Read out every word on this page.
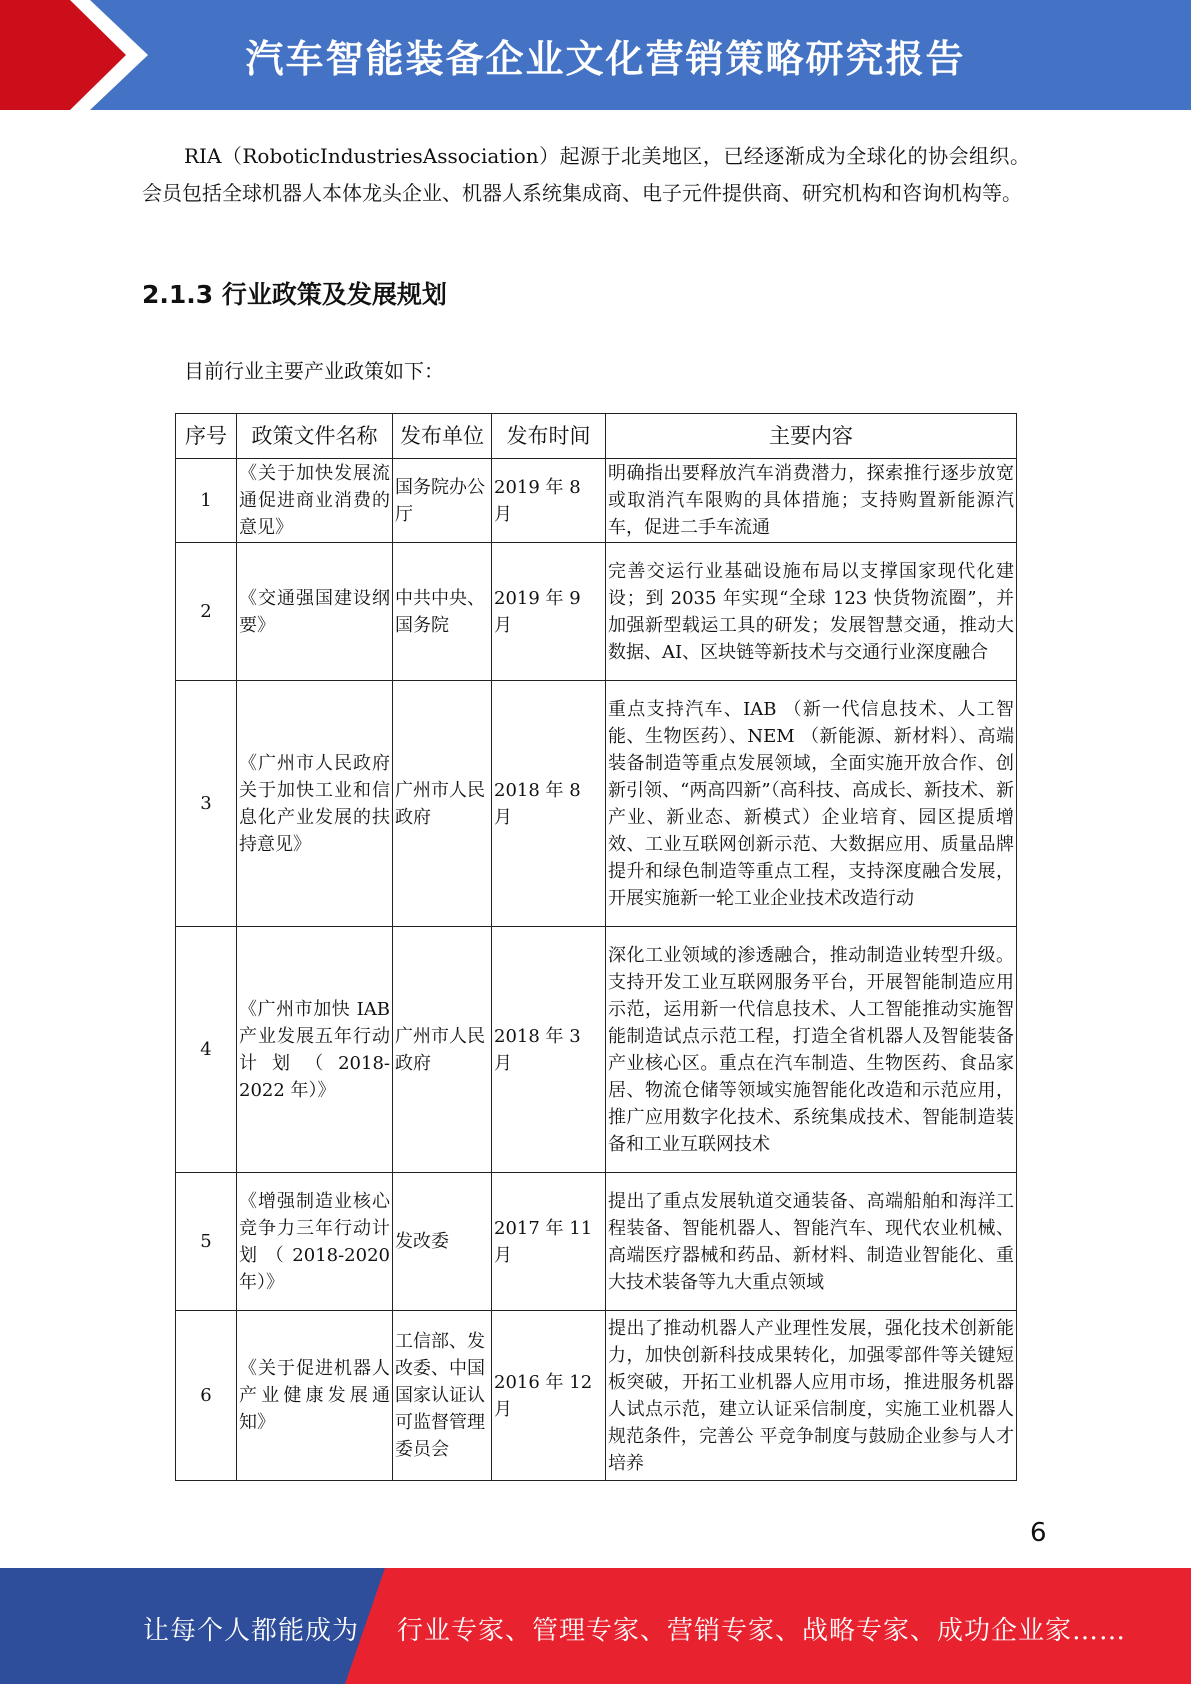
汽车智能装备企业文化营销策略研究报告
RIA（RoboticIndustriesAssociation）起源于北美地区，已经逐渐成为全球化的协会组织。会员包括全球机器人本体龙头企业、机器人系统集成商、电子元件提供商、研究机构和咨询机构等。
2.1.3 行业政策及发展规划
目前行业主要产业政策如下：
序号	政策文件名称	发布单位	发布时间	主要内容
1	《关于加快发展流通促进商业消费的意见》	国务院办公厅	2019 年 8 月	明确指出要释放汽车消费潜力，探索推行逐步放宽或取消汽车限购的具体措施；支持购置新能源汽车，促进二手车流通
2	《交通强国建设纲要》	中共中央、国务院	2019 年 9 月	完善交运行业基础设施布局以支撑国家现代化建设；到 2035 年实现“全球 123 快货物流圈”，并加强新型载运工具的研发；发展智慧交通，推动大数据、AI、区块链等新技术与交通行业深度融合
3	《广州市人民政府关于加快工业和信息化产业发展的扶持意见》	广州市人民政府	2018 年 8 月	重点支持汽车、IAB （新一代信息技术、人工智能、生物医药）、NEM （新能源、新材料）、高端装备制造等重点发展领域，全面实施开放合作、创新引领、“两高四新”（高科技、高成长、新技术、新产业、新业态、新模式）企业培育、园区提质增效、工业互联网创新示范、大数据应用、质量品牌提升和绿色制造等重点工程，支持深度融合发展，开展实施新一轮工业企业技术改造行动
4	《广州市加快 IAB 产业发展五年行动计划（2018-2022 年）》	广州市人民政府	2018 年 3 月	深化工业领域的渗透融合，推动制造业转型升级。支持开发工业互联网服务平台，开展智能制造应用示范，运用新一代信息技术、人工智能推动实施智能制造试点示范工程，打造全省机器人及智能装备产业核心区。重点在汽车制造、生物医药、食品家居、物流仓储等领域实施智能化改造和示范应用，推广应用数字化技术、系统集成技术、智能制造装备和工业互联网技术
5	《增强制造业核心竞争力三年行动计划（2018-2020 年）》	发改委	2017 年 11 月	提出了重点发展轨道交通装备、高端船舶和海洋工程装备、智能机器人、智能汽车、现代农业机械、高端医疗器械和药品、新材料、制造业智能化、重大技术装备等九大重点领域
6	《关于促进机器人产业健康发展通知》	工信部、发改委、中国国家认证认可监督管理委员会	2016 年 12 月	提出了推动机器人产业理性发展，强化技术创新能力，加快创新科技成果转化，加强零部件等关键短板突破，开拓工业机器人应用市场，推进服务机器人试点示范，建立认证采信制度，实施工业机器人规范条件，完善公 平竞争制度与鼓励企业参与人才培养
6
让每个人都能成为 行业专家、管理专家、营销专家、战略专家、成功企业家……
